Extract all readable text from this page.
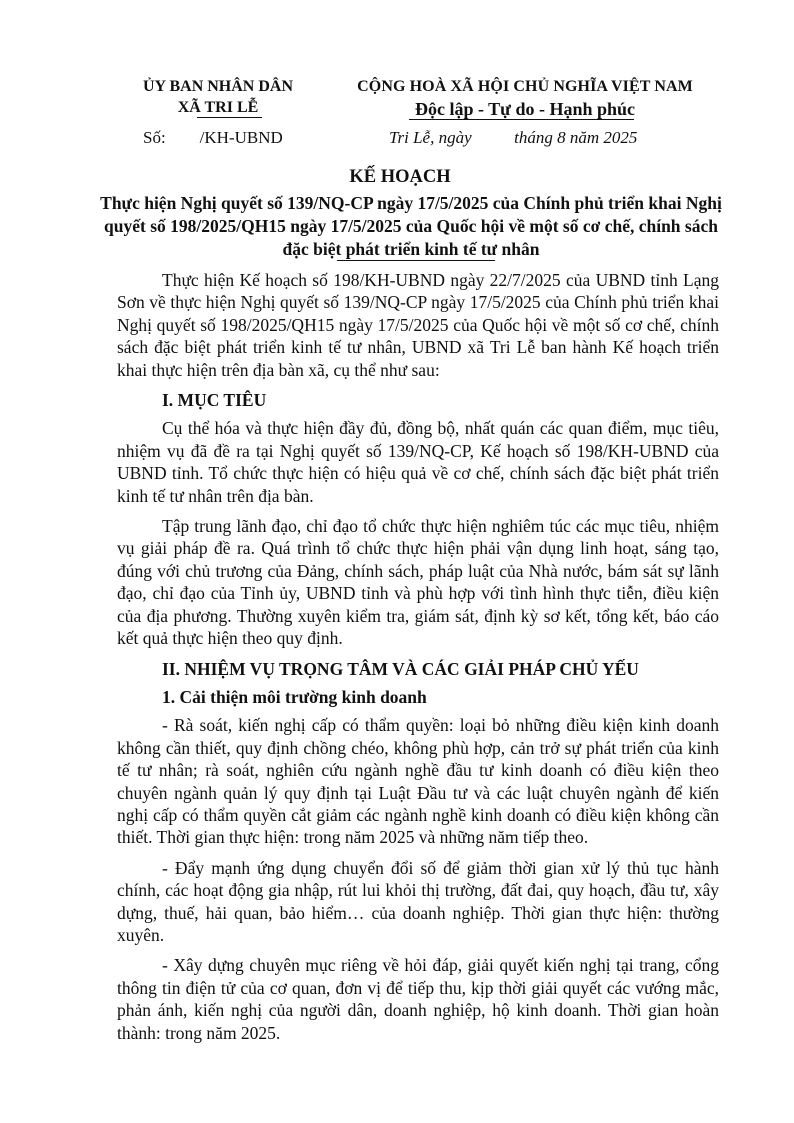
ỦY BAN NHÂN DÂN
XÃ TRI LỄ
CỘNG HOÀ XÃ HỘI CHỦ NGHĨA VIỆT NAM
Độc lập - Tự do - Hạnh phúc
Số:        /KH-UBND	Tri Lễ, ngày          tháng 8 năm 2025
KẾ HOẠCH
Thực hiện Nghị quyết số 139/NQ-CP ngày 17/5/2025 của Chính phủ triển khai Nghị quyết số 198/2025/QH15 ngày 17/5/2025 của Quốc hội về một số cơ chế, chính sách đặc biệt phát triển kinh tế tư nhân

Thực hiện Kế hoạch số 198/KH-UBND ngày 22/7/2025 của UBND tỉnh Lạng Sơn về thực hiện Nghị quyết số 139/NQ-CP ngày 17/5/2025 của Chính phủ triển khai Nghị quyết số 198/2025/QH15 ngày 17/5/2025 của Quốc hội về một số cơ chế, chính sách đặc biệt phát triển kinh tế tư nhân, UBND xã Tri Lễ ban hành Kế hoạch triển khai thực hiện trên địa bàn xã, cụ thể như sau:

I. MỤC TIÊU

Cụ thể hóa và thực hiện đầy đủ, đồng bộ, nhất quán các quan điểm, mục tiêu, nhiệm vụ đã đề ra tại Nghị quyết số 139/NQ-CP, Kế hoạch số 198/KH-UBND của UBND tỉnh. Tổ chức thực hiện có hiệu quả về cơ chế, chính sách đặc biệt phát triển kinh tế tư nhân trên địa bàn.

Tập trung lãnh đạo, chỉ đạo tổ chức thực hiện nghiêm túc các mục tiêu, nhiệm vụ giải pháp đề ra. Quá trình tổ chức thực hiện phải vận dụng linh hoạt, sáng tạo, đúng với chủ trương của Đảng, chính sách, pháp luật của Nhà nước, bám sát sự lãnh đạo, chỉ đạo của Tỉnh ủy, UBND tỉnh và phù hợp với tình hình thực tiễn, điều kiện của địa phương. Thường xuyên kiểm tra, giám sát, định kỳ sơ kết, tổng kết, báo cáo kết quả thực hiện theo quy định.

II. NHIỆM VỤ TRỌNG TÂM VÀ CÁC GIẢI PHÁP CHỦ YẾU
1. Cải thiện môi trường kinh doanh

- Rà soát, kiến nghị cấp có thẩm quyền: loại bỏ những điều kiện kinh doanh không cần thiết, quy định chồng chéo, không phù hợp, cản trở sự phát triển của kinh tế tư nhân; rà soát, nghiên cứu ngành nghề đầu tư kinh doanh có điều kiện theo chuyên ngành quản lý quy định tại Luật Đầu tư và các luật chuyên ngành để kiến nghị cấp có thẩm quyền cắt giảm các ngành nghề kinh doanh có điều kiện không cần thiết. Thời gian thực hiện: trong năm 2025 và những năm tiếp theo.

- Đẩy mạnh ứng dụng chuyển đổi số để giảm thời gian xử lý thủ tục hành chính, các hoạt động gia nhập, rút lui khỏi thị trường, đất đai, quy hoạch, đầu tư, xây dựng, thuế, hải quan, bảo hiểm… của doanh nghiệp. Thời gian thực hiện: thường xuyên.

- Xây dựng chuyên mục riêng về hỏi đáp, giải quyết kiến nghị tại trang, cổng thông tin điện tử của cơ quan, đơn vị để tiếp thu, kịp thời giải quyết các vướng mắc, phản ánh, kiến nghị của người dân, doanh nghiệp, hộ kinh doanh. Thời gian hoàn thành: trong năm 2025.
